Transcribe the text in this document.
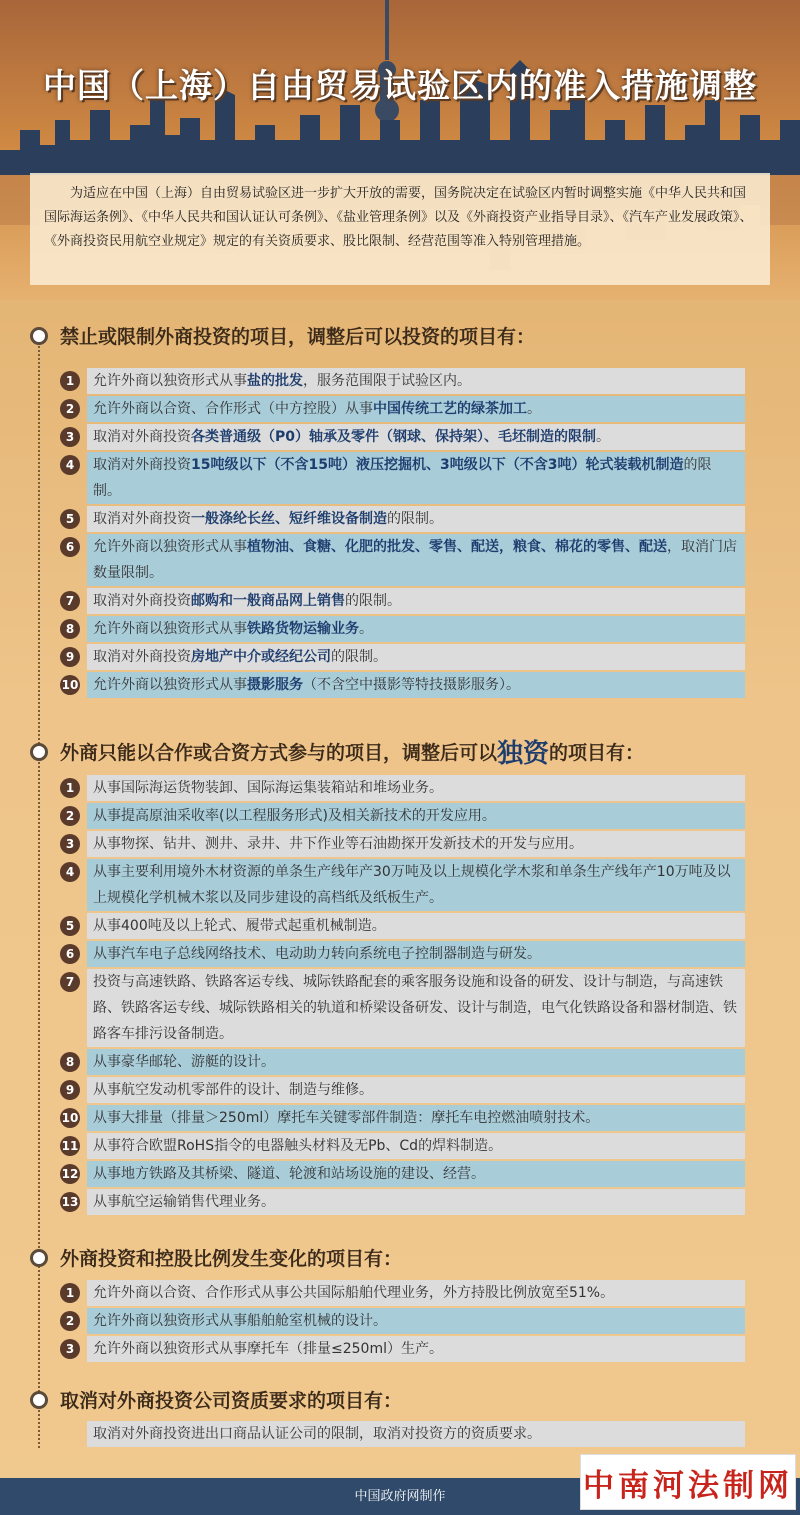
中国（上海）自由贸易试验区内的准入措施调整
为适应在中国（上海）自由贸易试验区进一步扩大开放的需要，国务院决定在试验区内暂时调整实施《中华人民共和国国际海运条例》、《中华人民共和国认证认可条例》、《盐业管理条例》以及《外商投资产业指导目录》、《汽车产业发展政策》、《外商投资民用航空业规定》规定的有关资质要求、股比限制、经营范围等准入特别管理措施。
禁止或限制外商投资的项目，调整后可以投资的项目有：
1	允许外商以独资形式从事盐的批发，服务范围限于试验区内。
2	允许外商以合资、合作形式（中方控股）从事中国传统工艺的绿茶加工。
3	取消对外商投资各类普通级（P0）轴承及零件（钢球、保持架）、毛坯制造的限制。
4	取消对外商投资15吨级以下（不含15吨）液压挖掘机、3吨级以下（不含3吨）轮式装载机制造的限制。
5	取消对外商投资一般涤纶长丝、短纤维设备制造的限制。
6	允许外商以独资形式从事植物油、食糖、化肥的批发、零售、配送，粮食、棉花的零售、配送，取消门店数量限制。
7	取消对外商投资邮购和一般商品网上销售的限制。
8	允许外商以独资形式从事铁路货物运输业务。
9	取消对外商投资房地产中介或经纪公司的限制。
10	允许外商以独资形式从事摄影服务（不含空中摄影等特技摄影服务）。
外商只能以合作或合资方式参与的项目，调整后可以 独资 的项目有：
1	从事国际海运货物装卸、国际海运集装箱站和堆场业务。
2	从事提高原油采收率(以工程服务形式)及相关新技术的开发应用。
3	从事物探、钻井、测井、录井、井下作业等石油勘探开发新技术的开发与应用。
4	从事主要利用境外木材资源的单条生产线年产30万吨及以上规模化学木浆和单条生产线年产10万吨及以上规模化学机械木浆以及同步建设的高档纸及纸板生产。
5	从事400吨及以上轮式、履带式起重机械制造。
6	从事汽车电子总线网络技术、电动助力转向系统电子控制器制造与研发。
7	投资与高速铁路、铁路客运专线、城际铁路配套的乘客服务设施和设备的研发、设计与制造，与高速铁路、铁路客运专线、城际铁路相关的轨道和桥梁设备研发、设计与制造，电气化铁路设备和器材制造、铁路客车排污设备制造。
8	从事豪华邮轮、游艇的设计。
9	从事航空发动机零部件的设计、制造与维修。
10	从事大排量（排量＞250ml）摩托车关键零部件制造：摩托车电控燃油喷射技术。
11	从事符合欧盟RoHS指令的电器触头材料及无Pb、Cd的焊料制造。
12	从事地方铁路及其桥梁、隧道、轮渡和站场设施的建设、经营。
13	从事航空运输销售代理业务。
外商投资和控股比例发生变化的项目有：
1	允许外商以合资、合作形式从事公共国际船舶代理业务，外方持股比例放宽至51%。
2	允许外商以独资形式从事船舶舱室机械的设计。
3	允许外商以独资形式从事摩托车（排量≤250ml）生产。
取消对外商投资公司资质要求的项目有：
取消对外商投资进出口商品认证公司的限制，取消对投资方的资质要求。
中国政府网制作	中南河法制网
